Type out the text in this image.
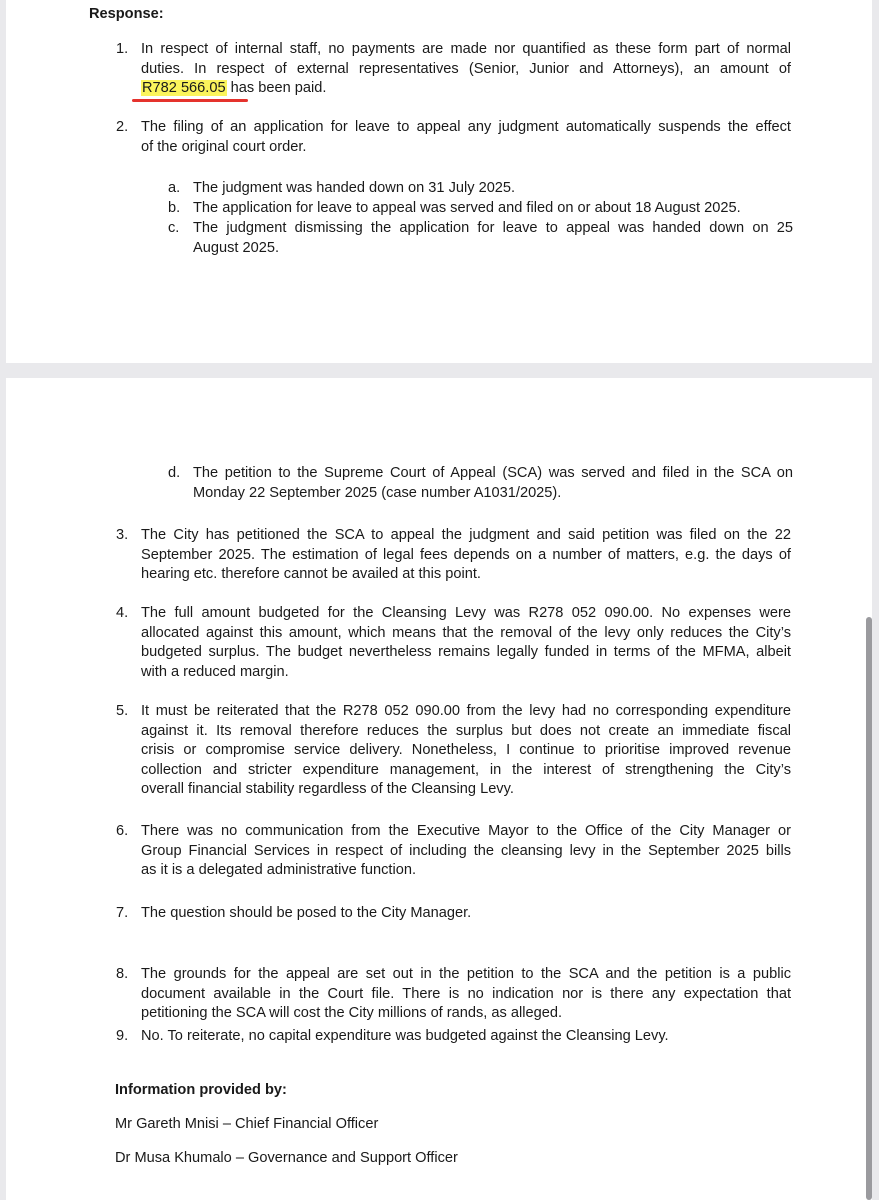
Response:
1. In respect of internal staff, no payments are made nor quantified as these form part of normal
duties. In respect of external representatives (Senior, Junior and Attorneys), an amount of
R782 566.05 has been paid.
2. The filing of an application for leave to appeal any judgment automatically suspends the effect
of the original court order.
a. The judgment was handed down on 31 July 2025.
b. The application for leave to appeal was served and filed on or about 18 August 2025.
c. The judgment dismissing the application for leave to appeal was handed down on 25
August 2025.
d. The petition to the Supreme Court of Appeal (SCA) was served and filed in the SCA on
Monday 22 September 2025 (case number A1031/2025).
3. The City has petitioned the SCA to appeal the judgment and said petition was filed on the 22
September 2025. The estimation of legal fees depends on a number of matters, e.g. the days of
hearing etc. therefore cannot be availed at this point.
4. The full amount budgeted for the Cleansing Levy was R278 052 090.00. No expenses were
allocated against this amount, which means that the removal of the levy only reduces the City’s
budgeted surplus. The budget nevertheless remains legally funded in terms of the MFMA, albeit
with a reduced margin.
5. It must be reiterated that the R278 052 090.00 from the levy had no corresponding expenditure
against it. Its removal therefore reduces the surplus but does not create an immediate fiscal
crisis or compromise service delivery. Nonetheless, I continue to prioritise improved revenue
collection and stricter expenditure management, in the interest of strengthening the City’s
overall financial stability regardless of the Cleansing Levy.
6. There was no communication from the Executive Mayor to the Office of the City Manager or
Group Financial Services in respect of including the cleansing levy in the September 2025 bills
as it is a delegated administrative function.
7. The question should be posed to the City Manager.
8. The grounds for the appeal are set out in the petition to the SCA and the petition is a public
document available in the Court file. There is no indication nor is there any expectation that
petitioning the SCA will cost the City millions of rands, as alleged.
9. No. To reiterate, no capital expenditure was budgeted against the Cleansing Levy.
Information provided by:
Mr Gareth Mnisi – Chief Financial Officer
Dr Musa Khumalo – Governance and Support Officer
